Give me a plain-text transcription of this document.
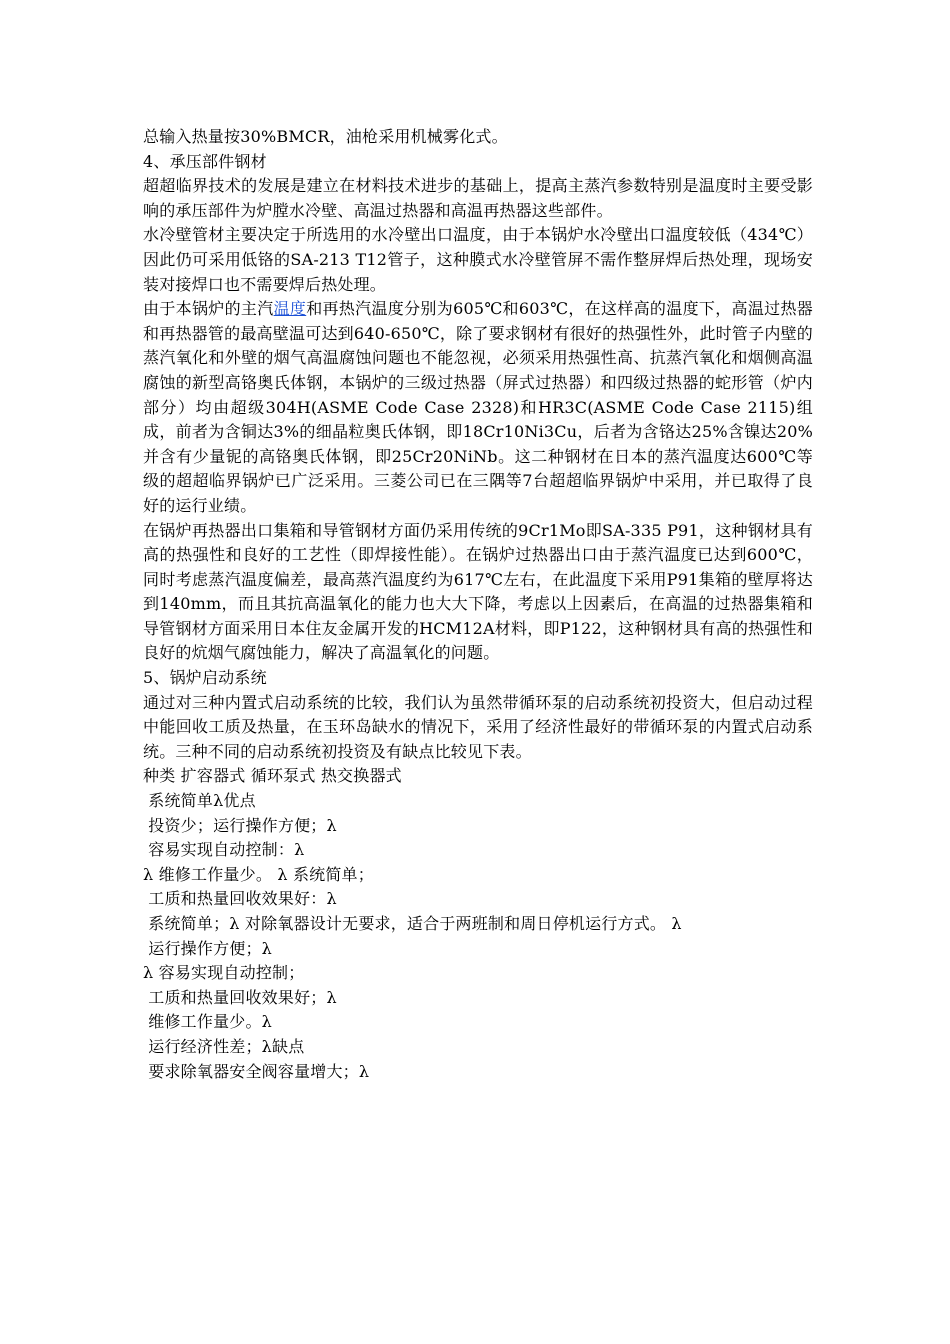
总输入热量按30%BMCR，油枪采用机械雾化式。
4、承压部件钢材
超超临界技术的发展是建立在材料技术进步的基础上，提高主蒸汽参数特别是温度时主要受影响的承压部件为炉膛水冷壁、高温过热器和高温再热器这些部件。
水冷壁管材主要决定于所选用的水冷壁出口温度，由于本锅炉水冷壁出口温度较低（434℃）因此仍可采用低铬的SA-213 T12管子，这种膜式水冷壁管屏不需作整屏焊后热处理，现场安装对接焊口也不需要焊后热处理。
由于本锅炉的主汽温度和再热汽温度分别为605℃和603℃，在这样高的温度下，高温过热器和再热器管的最高壁温可达到640-650℃，除了要求钢材有很好的热强性外，此时管子内壁的蒸汽氧化和外壁的烟气高温腐蚀问题也不能忽视，必须采用热强性高、抗蒸汽氧化和烟侧高温腐蚀的新型高铬奥氏体钢，本锅炉的三级过热器（屏式过热器）和四级过热器的蛇形管（炉内部分）均由超级304H(ASME Code Case 2328)和HR3C(ASME Code Case 2115)组成，前者为含铜达3%的细晶粒奥氏体钢，即18Cr10Ni3Cu，后者为含铬达25%含镍达20%并含有少量铌的高铬奥氏体钢，即25Cr20NiNb。这二种钢材在日本的蒸汽温度达600℃等级的超超临界锅炉已广泛采用。三菱公司已在三隅等7台超超临界锅炉中采用，并已取得了良好的运行业绩。
在锅炉再热器出口集箱和导管钢材方面仍采用传统的9Cr1Mo即SA-335 P91，这种钢材具有高的热强性和良好的工艺性（即焊接性能）。在锅炉过热器出口由于蒸汽温度已达到600℃，同时考虑蒸汽温度偏差，最高蒸汽温度约为617℃左右，在此温度下采用P91集箱的壁厚将达到140mm，而且其抗高温氧化的能力也大大下降，考虑以上因素后，在高温的过热器集箱和导管钢材方面采用日本住友金属开发的HCM12A材料，即P122，这种钢材具有高的热强性和良好的炕烟气腐蚀能力，解决了高温氧化的问题。
5、锅炉启动系统
通过对三种内置式启动系统的比较，我们认为虽然带循环泵的启动系统初投资大，但启动过程中能回收工质及热量，在玉环岛缺水的情况下，采用了经济性最好的带循环泵的内置式启动系统。三种不同的启动系统初投资及有缺点比较见下表。
种类 扩容器式 循环泵式 热交换器式
系统简单λ优点
投资少；运行操作方便；λ
容易实现自动控制：λ
λ 维修工作量少。 λ 系统简单；
工质和热量回收效果好：λ
系统简单；λ 对除氧器设计无要求，适合于两班制和周日停机运行方式。 λ
运行操作方便；λ
λ 容易实现自动控制；
工质和热量回收效果好；λ
维修工作量少。λ
运行经济性差；λ缺点
要求除氧器安全阀容量增大；λ
